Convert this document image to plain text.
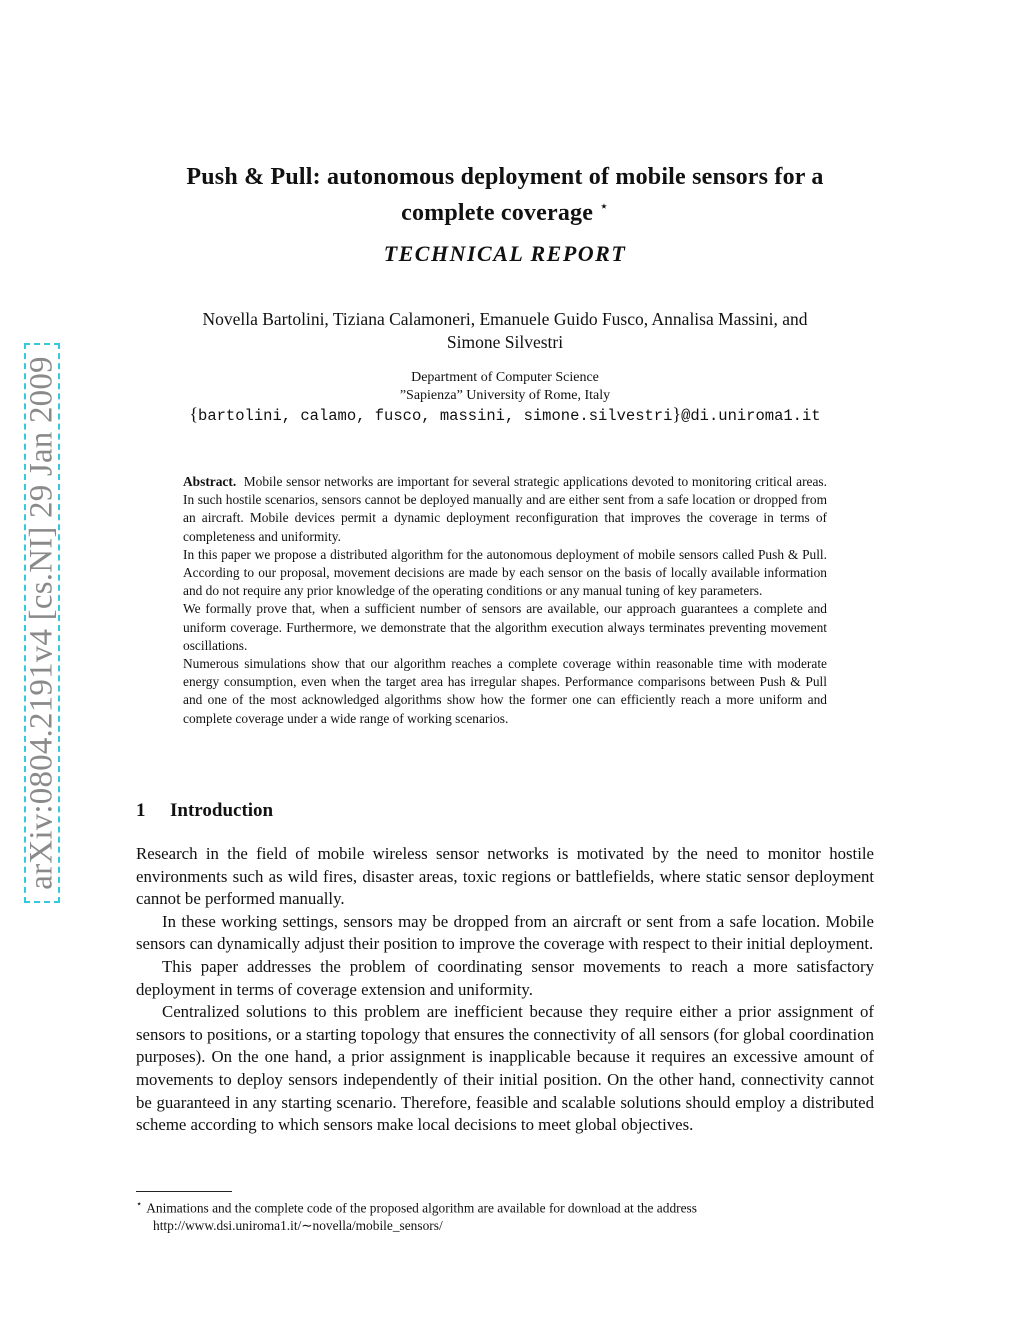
arXiv:0804.2191v4 [cs.NI] 29 Jan 2009
Push & Pull: autonomous deployment of mobile sensors for a
complete coverage ⋆
TECHNICAL REPORT
Novella Bartolini, Tiziana Calamoneri, Emanuele Guido Fusco, Annalisa Massini, and
Simone Silvestri
Department of Computer Science
”Sapienza” University of Rome, Italy
{bartolini, calamo, fusco, massini, simone.silvestri}@di.uniroma1.it

Abstract. Mobile sensor networks are important for several strategic applications devoted to monitoring critical areas. In such hostile scenarios, sensors cannot be deployed manually and are either sent from a safe location or dropped from an aircraft. Mobile devices permit a dynamic deployment reconfiguration that improves the coverage in terms of completeness and uniformity.

In this paper we propose a distributed algorithm for the autonomous deployment of mobile sensors called Push & Pull. According to our proposal, movement decisions are made by each sensor on the basis of locally available information and do not require any prior knowledge of the operating conditions or any manual tuning of key parameters.

We formally prove that, when a sufficient number of sensors are available, our approach guarantees a complete and uniform coverage. Furthermore, we demonstrate that the algorithm execution always terminates preventing movement oscillations.

Numerous simulations show that our algorithm reaches a complete coverage within reasonable time with moderate energy consumption, even when the target area has irregular shapes. Performance comparisons between Push & Pull and one of the most acknowledged algorithms show how the former one can efficiently reach a more uniform and complete coverage under a wide range of working scenarios.

1 Introduction

Research in the field of mobile wireless sensor networks is motivated by the need to monitor hostile environments such as wild fires, disaster areas, toxic regions or battlefields, where static sensor deployment cannot be performed manually.

In these working settings, sensors may be dropped from an aircraft or sent from a safe location. Mobile sensors can dynamically adjust their position to improve the coverage with respect to their initial deployment.

This paper addresses the problem of coordinating sensor movements to reach a more satisfactory deployment in terms of coverage extension and uniformity.

Centralized solutions to this problem are inefficient because they require either a prior assignment of sensors to positions, or a starting topology that ensures the connectivity of all sensors (for global coordination purposes). On the one hand, a prior assignment is inapplicable because it requires an excessive amount of movements to deploy sensors independently of their initial position. On the other hand, connectivity cannot be guaranteed in any starting scenario. Therefore, feasible and scalable solutions should employ a distributed scheme according to which sensors make local decisions to meet global objectives.

⋆ Animations and the complete code of the proposed algorithm are available for download at the address
http://www.dsi.uniroma1.it/∼novella/mobile_sensors/
